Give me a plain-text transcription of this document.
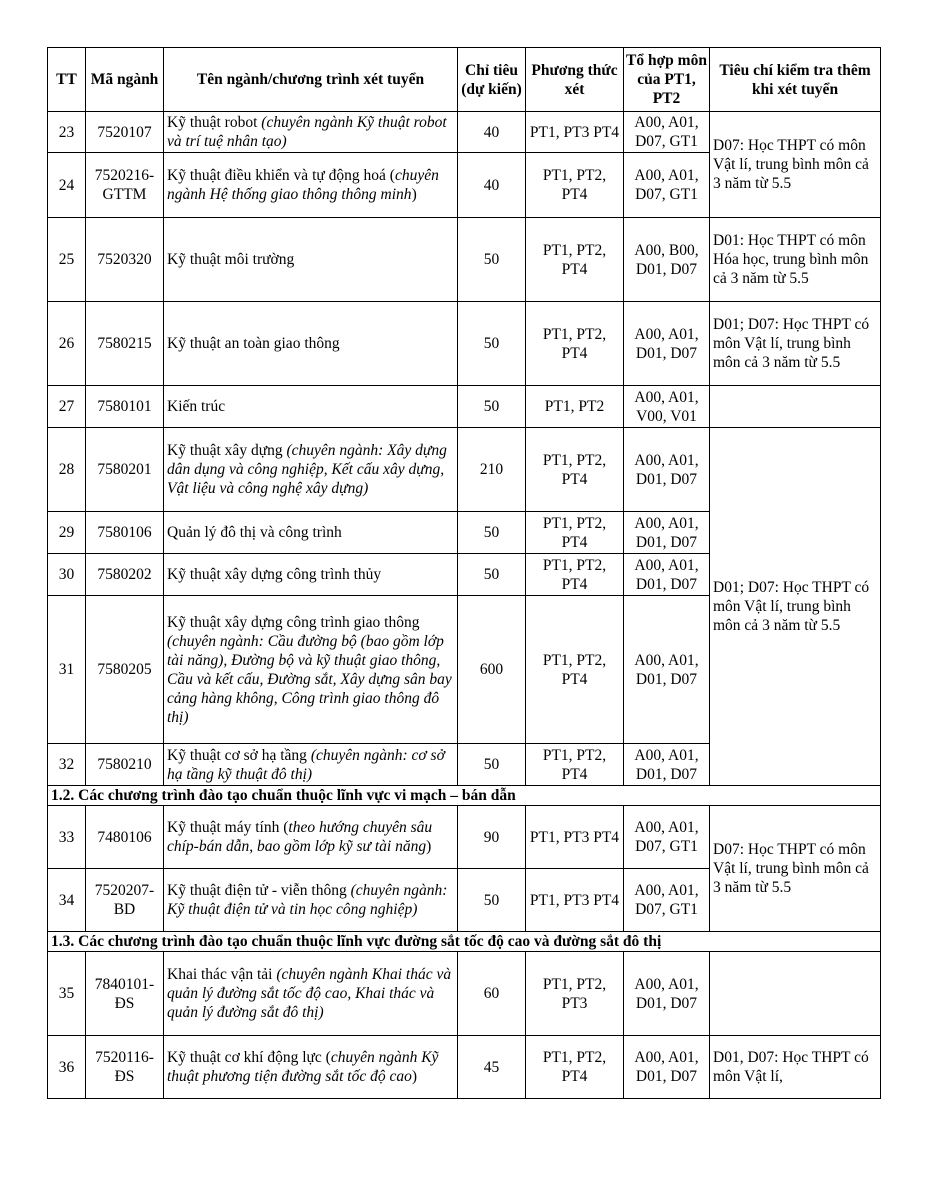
TT	Mã ngành	Tên ngành/chương trình xét tuyển	Chỉ tiêu (dự kiến)	Phương thức xét	Tổ hợp môn của PT1, PT2	Tiêu chí kiểm tra thêm khi xét tuyển
23	7520107	Kỹ thuật robot (chuyên ngành Kỹ thuật robot và trí tuệ nhân tạo)	40	PT1, PT3 PT4	A00, A01, D07, GT1	D07: Học THPT có môn Vật lí, trung bình môn cả 3 năm từ 5.5
24	7520216-GTTM	Kỹ thuật điều khiển và tự động hoá (chuyên ngành Hệ thống giao thông thông minh)	40	PT1, PT2, PT4	A00, A01, D07, GT1	
25	7520320	Kỹ thuật môi trường	50	PT1, PT2, PT4	A00, B00, D01, D07	D01: Học THPT có môn Hóa học, trung bình môn cả 3 năm từ 5.5
26	7580215	Kỹ thuật an toàn giao thông	50	PT1, PT2, PT4	A00, A01, D01, D07	D01; D07: Học THPT có môn Vật lí, trung bình môn cả 3 năm từ 5.5
27	7580101	Kiến trúc	50	PT1, PT2	A00, A01, V00, V01	
28	7580201	Kỹ thuật xây dựng (chuyên ngành: Xây dựng dân dụng và công nghiệp, Kết cấu xây dựng, Vật liệu và công nghệ xây dựng)	210	PT1, PT2, PT4	A00, A01, D01, D07	D01; D07: Học THPT có môn Vật lí, trung bình môn cả 3 năm từ 5.5
29	7580106	Quản lý đô thị và công trình	50	PT1, PT2, PT4	A00, A01, D01, D07	
30	7580202	Kỹ thuật xây dựng công trình thủy	50	PT1, PT2, PT4	A00, A01, D01, D07	
31	7580205	Kỹ thuật xây dựng công trình giao thông (chuyên ngành: Cầu đường bộ (bao gồm lớp tài năng), Đường bộ và kỹ thuật giao thông, Cầu và kết cấu, Đường sắt, Xây dựng sân bay cảng hàng không, Công trình giao thông đô thị)	600	PT1, PT2, PT4	A00, A01, D01, D07	
32	7580210	Kỹ thuật cơ sở hạ tầng (chuyên ngành: cơ sở hạ tầng kỹ thuật đô thị)	50	PT1, PT2, PT4	A00, A01, D01, D07	
1.2. Các chương trình đào tạo chuẩn thuộc lĩnh vực vi mạch – bán dẫn						
33	7480106	Kỹ thuật máy tính (theo hướng chuyên sâu chíp-bán dẫn, bao gồm lớp kỹ sư tài năng)	90	PT1, PT3 PT4	A00, A01, D07, GT1	D07: Học THPT có môn Vật lí, trung bình môn cả 3 năm từ 5.5
34	7520207-BD	Kỹ thuật điện tử - viễn thông (chuyên ngành: Kỹ thuật điện tử và tin học công nghiệp)	50	PT1, PT3 PT4	A00, A01, D07, GT1	
1.3. Các chương trình đào tạo chuẩn thuộc lĩnh vực đường sắt tốc độ cao và đường sắt đô thị						
35	7840101-ĐS	Khai thác vận tải (chuyên ngành Khai thác và quản lý đường sắt tốc độ cao, Khai thác và quản lý đường sắt đô thị)	60	PT1, PT2, PT3	A00, A01, D01, D07	
36	7520116-ĐS	Kỹ thuật cơ khí động lực (chuyên ngành Kỹ thuật phương tiện đường sắt tốc độ cao)	45	PT1, PT2, PT4	A00, A01, D01, D07	D01, D07: Học THPT có môn Vật lí,
